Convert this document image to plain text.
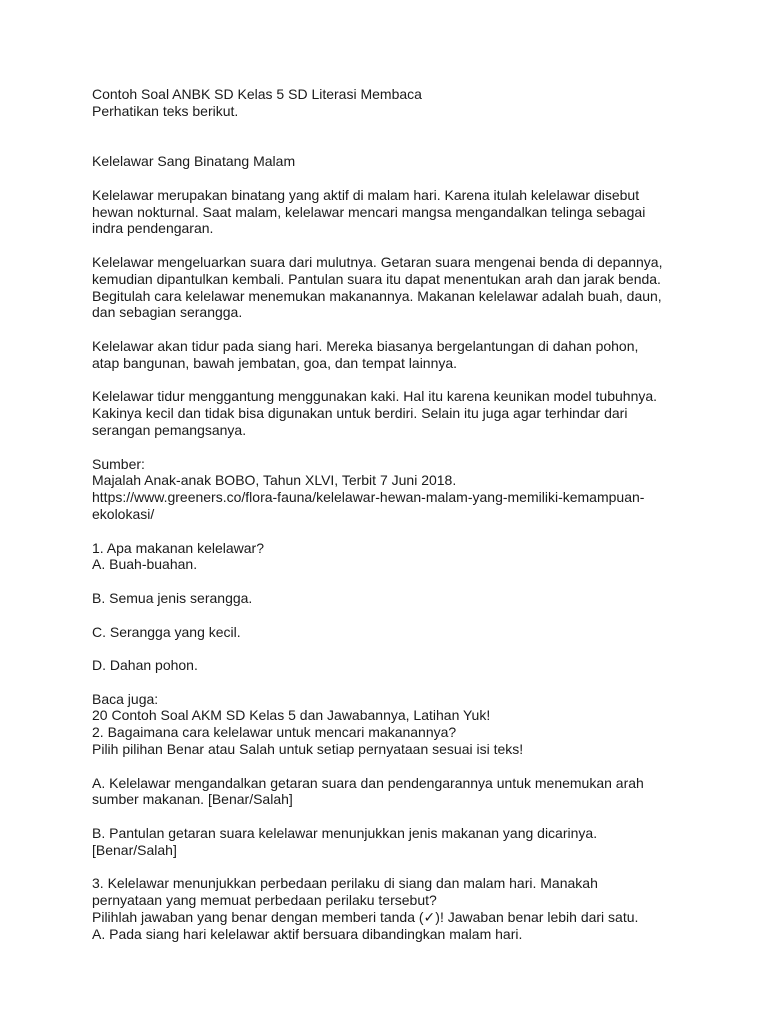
Contoh Soal ANBK SD Kelas 5 SD Literasi Membaca
Perhatikan teks berikut.
Kelelawar Sang Binatang Malam
Kelelawar merupakan binatang yang aktif di malam hari. Karena itulah kelelawar disebut
hewan nokturnal. Saat malam, kelelawar mencari mangsa mengandalkan telinga sebagai
indra pendengaran.
Kelelawar mengeluarkan suara dari mulutnya. Getaran suara mengenai benda di depannya,
kemudian dipantulkan kembali. Pantulan suara itu dapat menentukan arah dan jarak benda.
Begitulah cara kelelawar menemukan makanannya. Makanan kelelawar adalah buah, daun,
dan sebagian serangga.
Kelelawar akan tidur pada siang hari. Mereka biasanya bergelantungan di dahan pohon,
atap bangunan, bawah jembatan, goa, dan tempat lainnya.
Kelelawar tidur menggantung menggunakan kaki. Hal itu karena keunikan model tubuhnya.
Kakinya kecil dan tidak bisa digunakan untuk berdiri. Selain itu juga agar terhindar dari
serangan pemangsanya.
Sumber:
Majalah Anak-anak BOBO, Tahun XLVI, Terbit 7 Juni 2018.
https://www.greeners.co/flora-fauna/kelelawar-hewan-malam-yang-memiliki-kemampuan-
ekolokasi/
1. Apa makanan kelelawar?
A. Buah-buahan.
B. Semua jenis serangga.
C. Serangga yang kecil.
D. Dahan pohon.
Baca juga:
20 Contoh Soal AKM SD Kelas 5 dan Jawabannya, Latihan Yuk!
2. Bagaimana cara kelelawar untuk mencari makanannya?
Pilih pilihan Benar atau Salah untuk setiap pernyataan sesuai isi teks!
A. Kelelawar mengandalkan getaran suara dan pendengarannya untuk menemukan arah
sumber makanan. [Benar/Salah]
B. Pantulan getaran suara kelelawar menunjukkan jenis makanan yang dicarinya.
[Benar/Salah]
3. Kelelawar menunjukkan perbedaan perilaku di siang dan malam hari. Manakah
pernyataan yang memuat perbedaan perilaku tersebut?
Pilihlah jawaban yang benar dengan memberi tanda (✓)! Jawaban benar lebih dari satu.
A. Pada siang hari kelelawar aktif bersuara dibandingkan malam hari.
